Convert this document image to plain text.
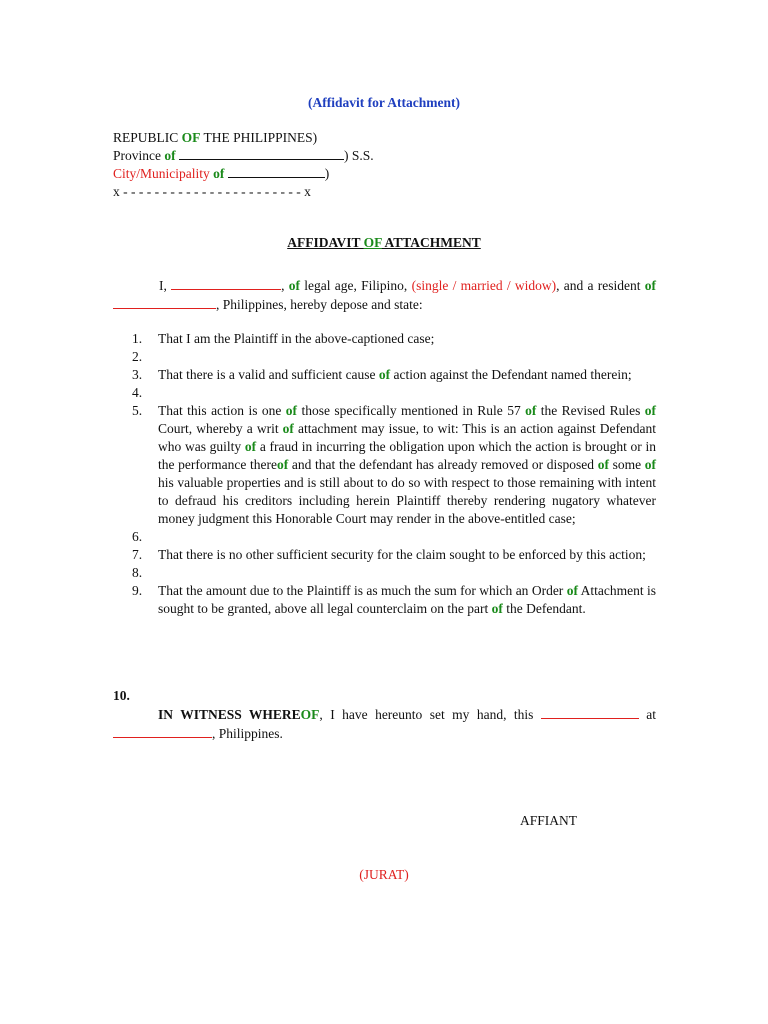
(Affidavit for Attachment)
REPUBLIC OF THE PHILIPPINES)
Province of	) S.S.
City/Municipality of	)
x - - - - - - - - - - - - - - - - - - - - - - - x
AFFIDAVIT OF ATTACHMENT
I,	, of legal age, Filipino, (single / married / widow), and a resident of , Philippines, hereby depose and state:
1.	That I am the Plaintiff in the above-captioned case;
2.

3.	That there is a valid and sufficient cause of action against the Defendant named therein;
4.

5.	That this action is one of those specifically mentioned in Rule 57 of the Revised Rules of Court, whereby a writ of attachment may issue, to wit: This is an action against Defendant who was guilty of a fraud in incurring the obligation upon which the action is brought or in the performance thereof and that the defendant has already removed or disposed of some of his valuable properties and is still about to do so with respect to those remaining with intent to defraud his creditors including herein Plaintiff thereby rendering nugatory whatever money judgment this Honorable Court may render in the above-entitled case;
6.

7.	That there is no other sufficient security for the claim sought to be enforced by this action;
8.

9.	That the amount due to the Plaintiff is as much the sum for which an Order of Attachment is sought to be granted, above all legal counterclaim on the part of the Defendant.
10.
IN WITNESS WHEREOF, I have hereunto set my hand, this	at , Philippines.
AFFIANT
(JURAT)
